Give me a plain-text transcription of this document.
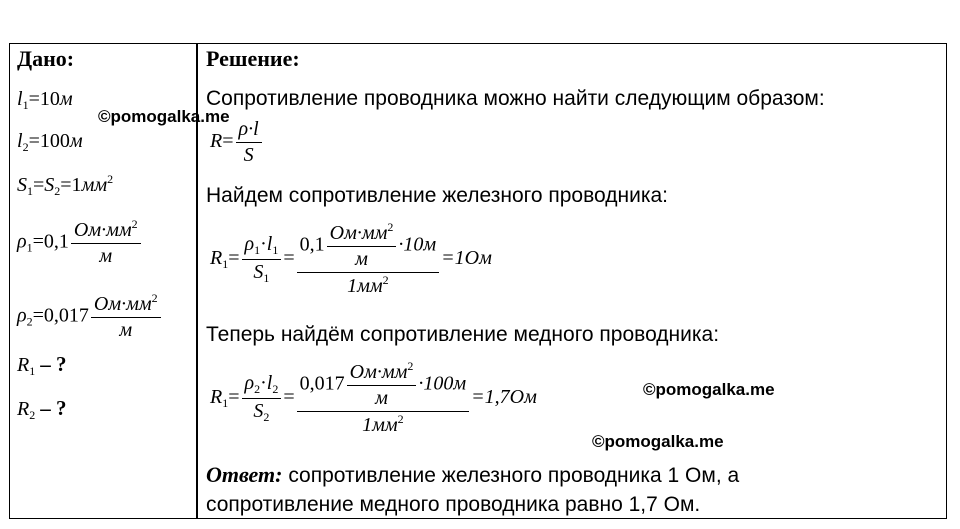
Дано:
$l_1=10м$
©pomogalka.me
$l_2=100м$
$S_1=S_2=1мм^2$
$\rho_1=0,1 \frac{Ом\cdot мм^2}{м}$
$\rho_2=0,017 \frac{Ом\cdot мм^2}{м}$
$R_1$ – ?
$R_2$ – ?
Решение:
Сопротивление проводника можно найти следующим образом:
$R= \frac{\rho\cdot l}{S}$
Найдем сопротивление железного проводника:
$R_1= \frac{\rho_1\cdot l_1}{S_1} = \frac{0,1 \frac{Ом\cdot мм^2}{м} \cdot 10м}{1мм^2} =1Ом$
Теперь найдём сопротивление медного проводника:
$R_1= \frac{\rho_2\cdot l_2}{S_2} = \frac{0,017 \frac{Ом\cdot мм^2}{м} \cdot 100м}{1мм^2} =1,7Ом$	©pomogalka.me
©pomogalka.me
Ответ: сопротивление железного проводника 1 Ом, а
сопротивление медного проводника равно 1,7 Ом.
